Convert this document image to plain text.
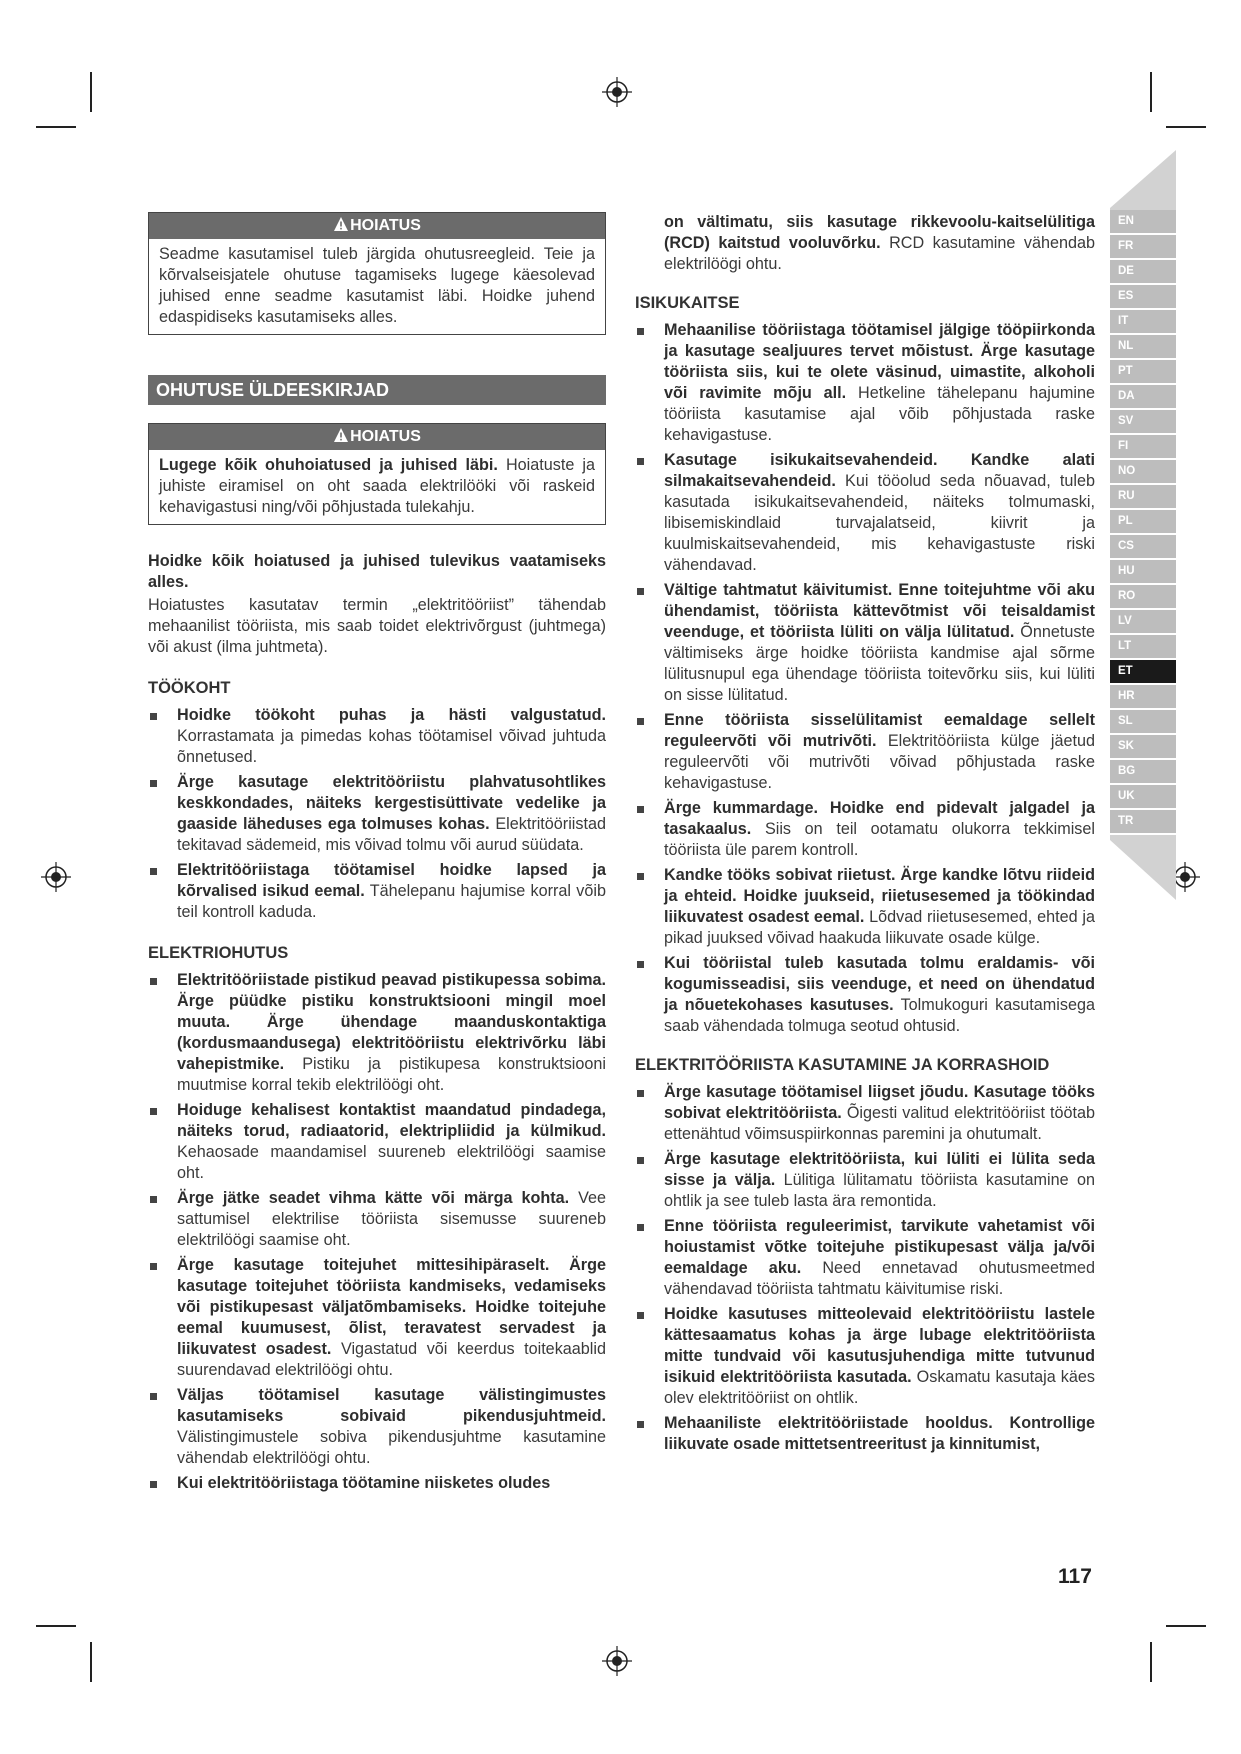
EN
FR
DE
ES
IT
NL
PT
DA
SV
FI
NO
RU
PL
CS
HU
RO
LV
LT
ET
HR
SL
SK
BG
UK
TR
HOIATUS
Seadme kasutamisel tuleb järgida ohutusreegleid. Teie ja kõrvalseisjatele ohutuse tagamiseks lugege käesolevad juhised enne seadme kasutamist läbi. Hoidke juhend edaspidiseks kasutamiseks alles.
OHUTUSE ÜLDEESKIRJAD
HOIATUS
Lugege kõik ohuhoiatused ja juhised läbi. Hoiatuste ja juhiste eiramisel on oht saada elektrilööki või raskeid kehavigastusi ning/või põhjustada tulekahju.

Hoidke kõik hoiatused ja juhised tulevikus vaatamiseks alles.

Hoiatustes kasutatav termin „elektritööriist” tähendab mehaanilist tööriista, mis saab toidet elektrivõrgust (juhtmega) või akust (ilma juhtmeta).

TÖÖKOHT
Hoidke töökoht puhas ja hästi valgustatud. Korrastamata ja pimedas kohas töötamisel võivad juhtuda õnnetused.
Ärge kasutage elektritööriistu plahvatusohtlikes keskkondades, näiteks kergestisüttivate vedelike ja gaaside läheduses ega tolmuses kohas. Elektritööriistad tekitavad sädemeid, mis võivad tolmu või aurud süüdata.
Elektritööriistaga töötamisel hoidke lapsed ja kõrvalised isikud eemal. Tähelepanu hajumise korral võib teil kontroll kaduda.
ELEKTRIOHUTUS
Elektritööriistade pistikud peavad pistikupessa sobima. Ärge püüdke pistiku konstruktsiooni mingil moel muuta. Ärge ühendage maanduskontaktiga (kordusmaandusega) elektritööriistu elektrivõrku läbi vahepistmike. Pistiku ja pistikupesa konstruktsiooni muutmise korral tekib elektrilöögi oht.
Hoiduge kehalisest kontaktist maandatud pindadega, näiteks torud, radiaatorid, elektripliidid ja külmikud. Kehaosade maandamisel suureneb elektrilöögi saamise oht.
Ärge jätke seadet vihma kätte või märga kohta. Vee sattumisel elektrilise tööriista sisemusse suureneb elektrilöögi saamise oht.
Ärge kasutage toitejuhet mittesihipäraselt. Ärge kasutage toitejuhet tööriista kandmiseks, vedamiseks või pistikupesast väljatõmbamiseks. Hoidke toitejuhe eemal kuumusest, õlist, teravatest servadest ja liikuvatest osadest. Vigastatud või keerdus toitekaablid suurendavad elektrilöögi ohtu.
Väljas töötamisel kasutage välistingimustes kasutamiseks sobivaid pikendusjuhtmeid. Välistingimustele sobiva pikendusjuhtme kasutamine vähendab elektrilöögi ohtu.
Kui elektritööriistaga töötamine niisketes oludes

on vältimatu, siis kasutage rikkevoolu-kaitselülitiga (RCD) kaitstud vooluvõrku. RCD kasutamine vähendab elektrilöögi ohtu.

ISIKUKAITSE
Mehaanilise tööriistaga töötamisel jälgige tööpiirkonda ja kasutage sealjuures tervet mõistust. Ärge kasutage tööriista siis, kui te olete väsinud, uimastite, alkoholi või ravimite mõju all. Hetkeline tähelepanu hajumine tööriista kasutamise ajal võib põhjustada raske kehavigastuse.
Kasutage isikukaitsevahendeid. Kandke alati silmakaitsevahendeid. Kui tööolud seda nõuavad, tuleb kasutada isikukaitsevahendeid, näiteks tolmumaski, libisemiskindlaid turvajalatseid, kiivrit ja kuulmiskaitsevahendeid, mis kehavigastuste riski vähendavad.
Vältige tahtmatut käivitumist. Enne toitejuhtme või aku ühendamist, tööriista kättevõtmist või teisaldamist veenduge, et tööriista lüliti on välja lülitatud. Õnnetuste vältimiseks ärge hoidke tööriista kandmise ajal sõrme lülitusnupul ega ühendage tööriista toitevõrku siis, kui lüliti on sisse lülitatud.
Enne tööriista sisselülitamist eemaldage sellelt reguleervõti või mutrivõti. Elektritööriista külge jäetud reguleervõti või mutrivõti võivad põhjustada raske kehavigastuse.
Ärge kummardage. Hoidke end pidevalt jalgadel ja tasakaalus. Siis on teil ootamatu olukorra tekkimisel tööriista üle parem kontroll.
Kandke tööks sobivat riietust. Ärge kandke lõtvu riideid ja ehteid. Hoidke juukseid, riietusesemed ja töökindad liikuvatest osadest eemal. Lõdvad riietusesemed, ehted ja pikad juuksed võivad haakuda liikuvate osade külge.
Kui tööriistal tuleb kasutada tolmu eraldamis- või kogumisseadisi, siis veenduge, et need on ühendatud ja nõuetekohases kasutuses. Tolmukoguri kasutamisega saab vähendada tolmuga seotud ohtusid.
ELEKTRITÖÖRIISTA KASUTAMINE JA KORRASHOID
Ärge kasutage töötamisel liigset jõudu. Kasutage tööks sobivat elektritööriista. Õigesti valitud elektritööriist töötab ettenähtud võimsuspiirkonnas paremini ja ohutumalt.
Ärge kasutage elektritööriista, kui lüliti ei lülita seda sisse ja välja. Lülitiga lülitamatu tööriista kasutamine on ohtlik ja see tuleb lasta ära remontida.
Enne tööriista reguleerimist, tarvikute vahetamist või hoiustamist võtke toitejuhe pistikupesast välja ja/või eemaldage aku. Need ennetavad ohutusmeetmed vähendavad tööriista tahtmatu käivitumise riski.
Hoidke kasutuses mitteolevaid elektritööriistu lastele kättesaamatus kohas ja ärge lubage elektritööriista mitte tundvaid või kasutusjuhendiga mitte tutvunud isikuid elektritööriista kasutada. Oskamatu kasutaja käes olev elektritööriist on ohtlik.
Mehaaniliste elektritööriistade hooldus. Kontrollige liikuvate osade mittetsentreeritust ja kinnitumist,
117
